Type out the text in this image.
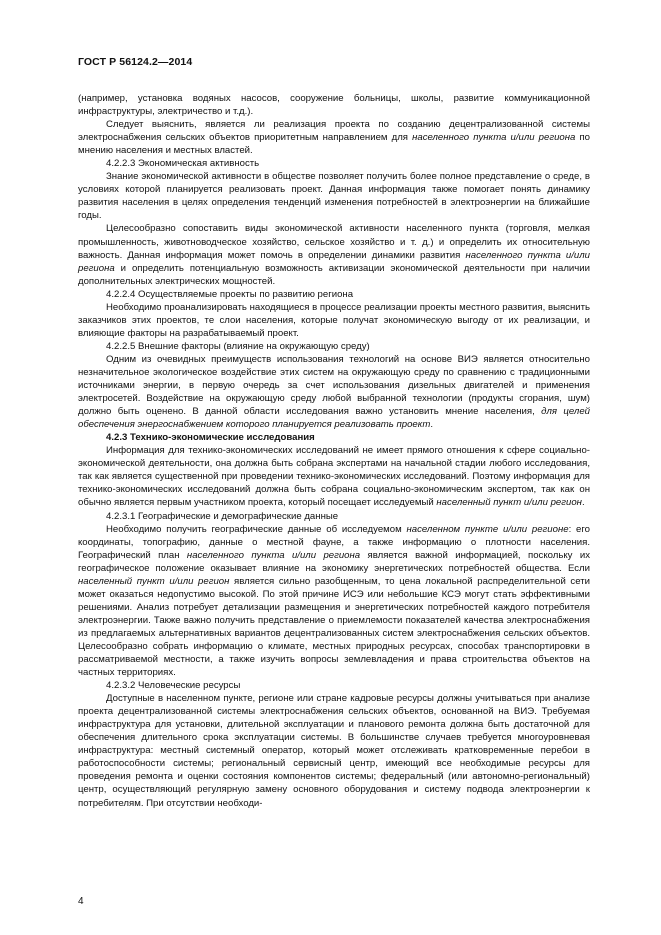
ГОСТ Р 56124.2—2014

(например, установка водяных насосов, сооружение больницы, школы, развитие коммуникационной инфраструктуры, электричество и т.д.).

Следует выяснить, является ли реализация проекта по созданию децентрализованной системы электроснабжения сельских объектов приоритетным направлением для населенного пункта и/или региона по мнению населения и местных властей.

4.2.2.3 Экономическая активность

Знание экономической активности в обществе позволяет получить более полное представление о среде, в условиях которой планируется реализовать проект. Данная информация также помогает понять динамику развития населения в целях определения тенденций изменения потребностей в электроэнергии на ближайшие годы.

Целесообразно сопоставить виды экономической активности населенного пункта (торговля, мелкая промышленность, животноводческое хозяйство, сельское хозяйство и т. д.) и определить их относительную важность. Данная информация может помочь в определении динамики развития населенного пункта и/или региона и определить потенциальную возможность активизации экономической деятельности при наличии дополнительных электрических мощностей.

4.2.2.4 Осуществляемые проекты по развитию региона

Необходимо проанализировать находящиеся в процессе реализации проекты местного развития, выяснить заказчиков этих проектов, те слои населения, которые получат экономическую выгоду от их реализации, и влияющие факторы на разрабатываемый проект.

4.2.2.5 Внешние факторы (влияние на окружающую среду)

Одним из очевидных преимуществ использования технологий на основе ВИЭ является относительно незначительное экологическое воздействие этих систем на окружающую среду по сравнению с традиционными источниками энергии, в первую очередь за счет использования дизельных двигателей и применения электросетей. Воздействие на окружающую среду любой выбранной технологии (продукты сгорания, шум) должно быть оценено. В данной области исследования важно установить мнение населения, для целей обеспечения энергоснабжением которого планируется реализовать проект.

4.2.3 Технико-экономические исследования

Информация для технико-экономических исследований не имеет прямого отношения к сфере социально-экономической деятельности, она должна быть собрана экспертами на начальной стадии любого исследования, так как является существенной при проведении технико-экономических исследований. Поэтому информация для технико-экономических исследований должна быть собрана социально-экономическим экспертом, так как он обычно является первым участником проекта, который посещает исследуемый населенный пункт и/или регион.

4.2.3.1 Географические и демографические данные

Необходимо получить географические данные об исследуемом населенном пункте и/или регионе: его координаты, топографию, данные о местной фауне, а также информацию о плотности населения. Географический план населенного пункта и/или региона является важной информацией, поскольку их географическое положение оказывает влияние на экономику энергетических потребностей общества. Если населенный пункт и/или регион является сильно разобщенным, то цена локальной распределительной сети может оказаться недопустимо высокой. По этой причине ИСЭ или небольшие КСЭ могут стать эффективными решениями. Анализ потребует детализации размещения и энергетических потребностей каждого потребителя электроэнергии. Также важно получить представление о приемлемости показателей качества электроснабжения из предлагаемых альтернативных вариантов децентрализованных систем электроснабжения сельских объектов. Целесообразно собрать информацию о климате, местных природных ресурсах, способах транспортировки в рассматриваемой местности, а также изучить вопросы землевладения и права строительства объектов на частных территориях.

4.2.3.2 Человеческие ресурсы

Доступные в населенном пункте, регионе или стране кадровые ресурсы должны учитываться при анализе проекта децентрализованной системы электроснабжения сельских объектов, основанной на ВИЭ. Требуемая инфраструктура для установки, длительной эксплуатации и планового ремонта должна быть достаточной для обеспечения длительного срока эксплуатации системы. В большинстве случаев требуется многоуровневая инфраструктура: местный системный оператор, который может отслеживать кратковременные перебои в работоспособности системы; региональный сервисный центр, имеющий все необходимые ресурсы для проведения ремонта и оценки состояния компонентов системы; федеральный (или автономно-региональный) центр, осуществляющий регулярную замену основного оборудования и систему подвода электроэнергии к потребителям. При отсутствии необходи-

4
